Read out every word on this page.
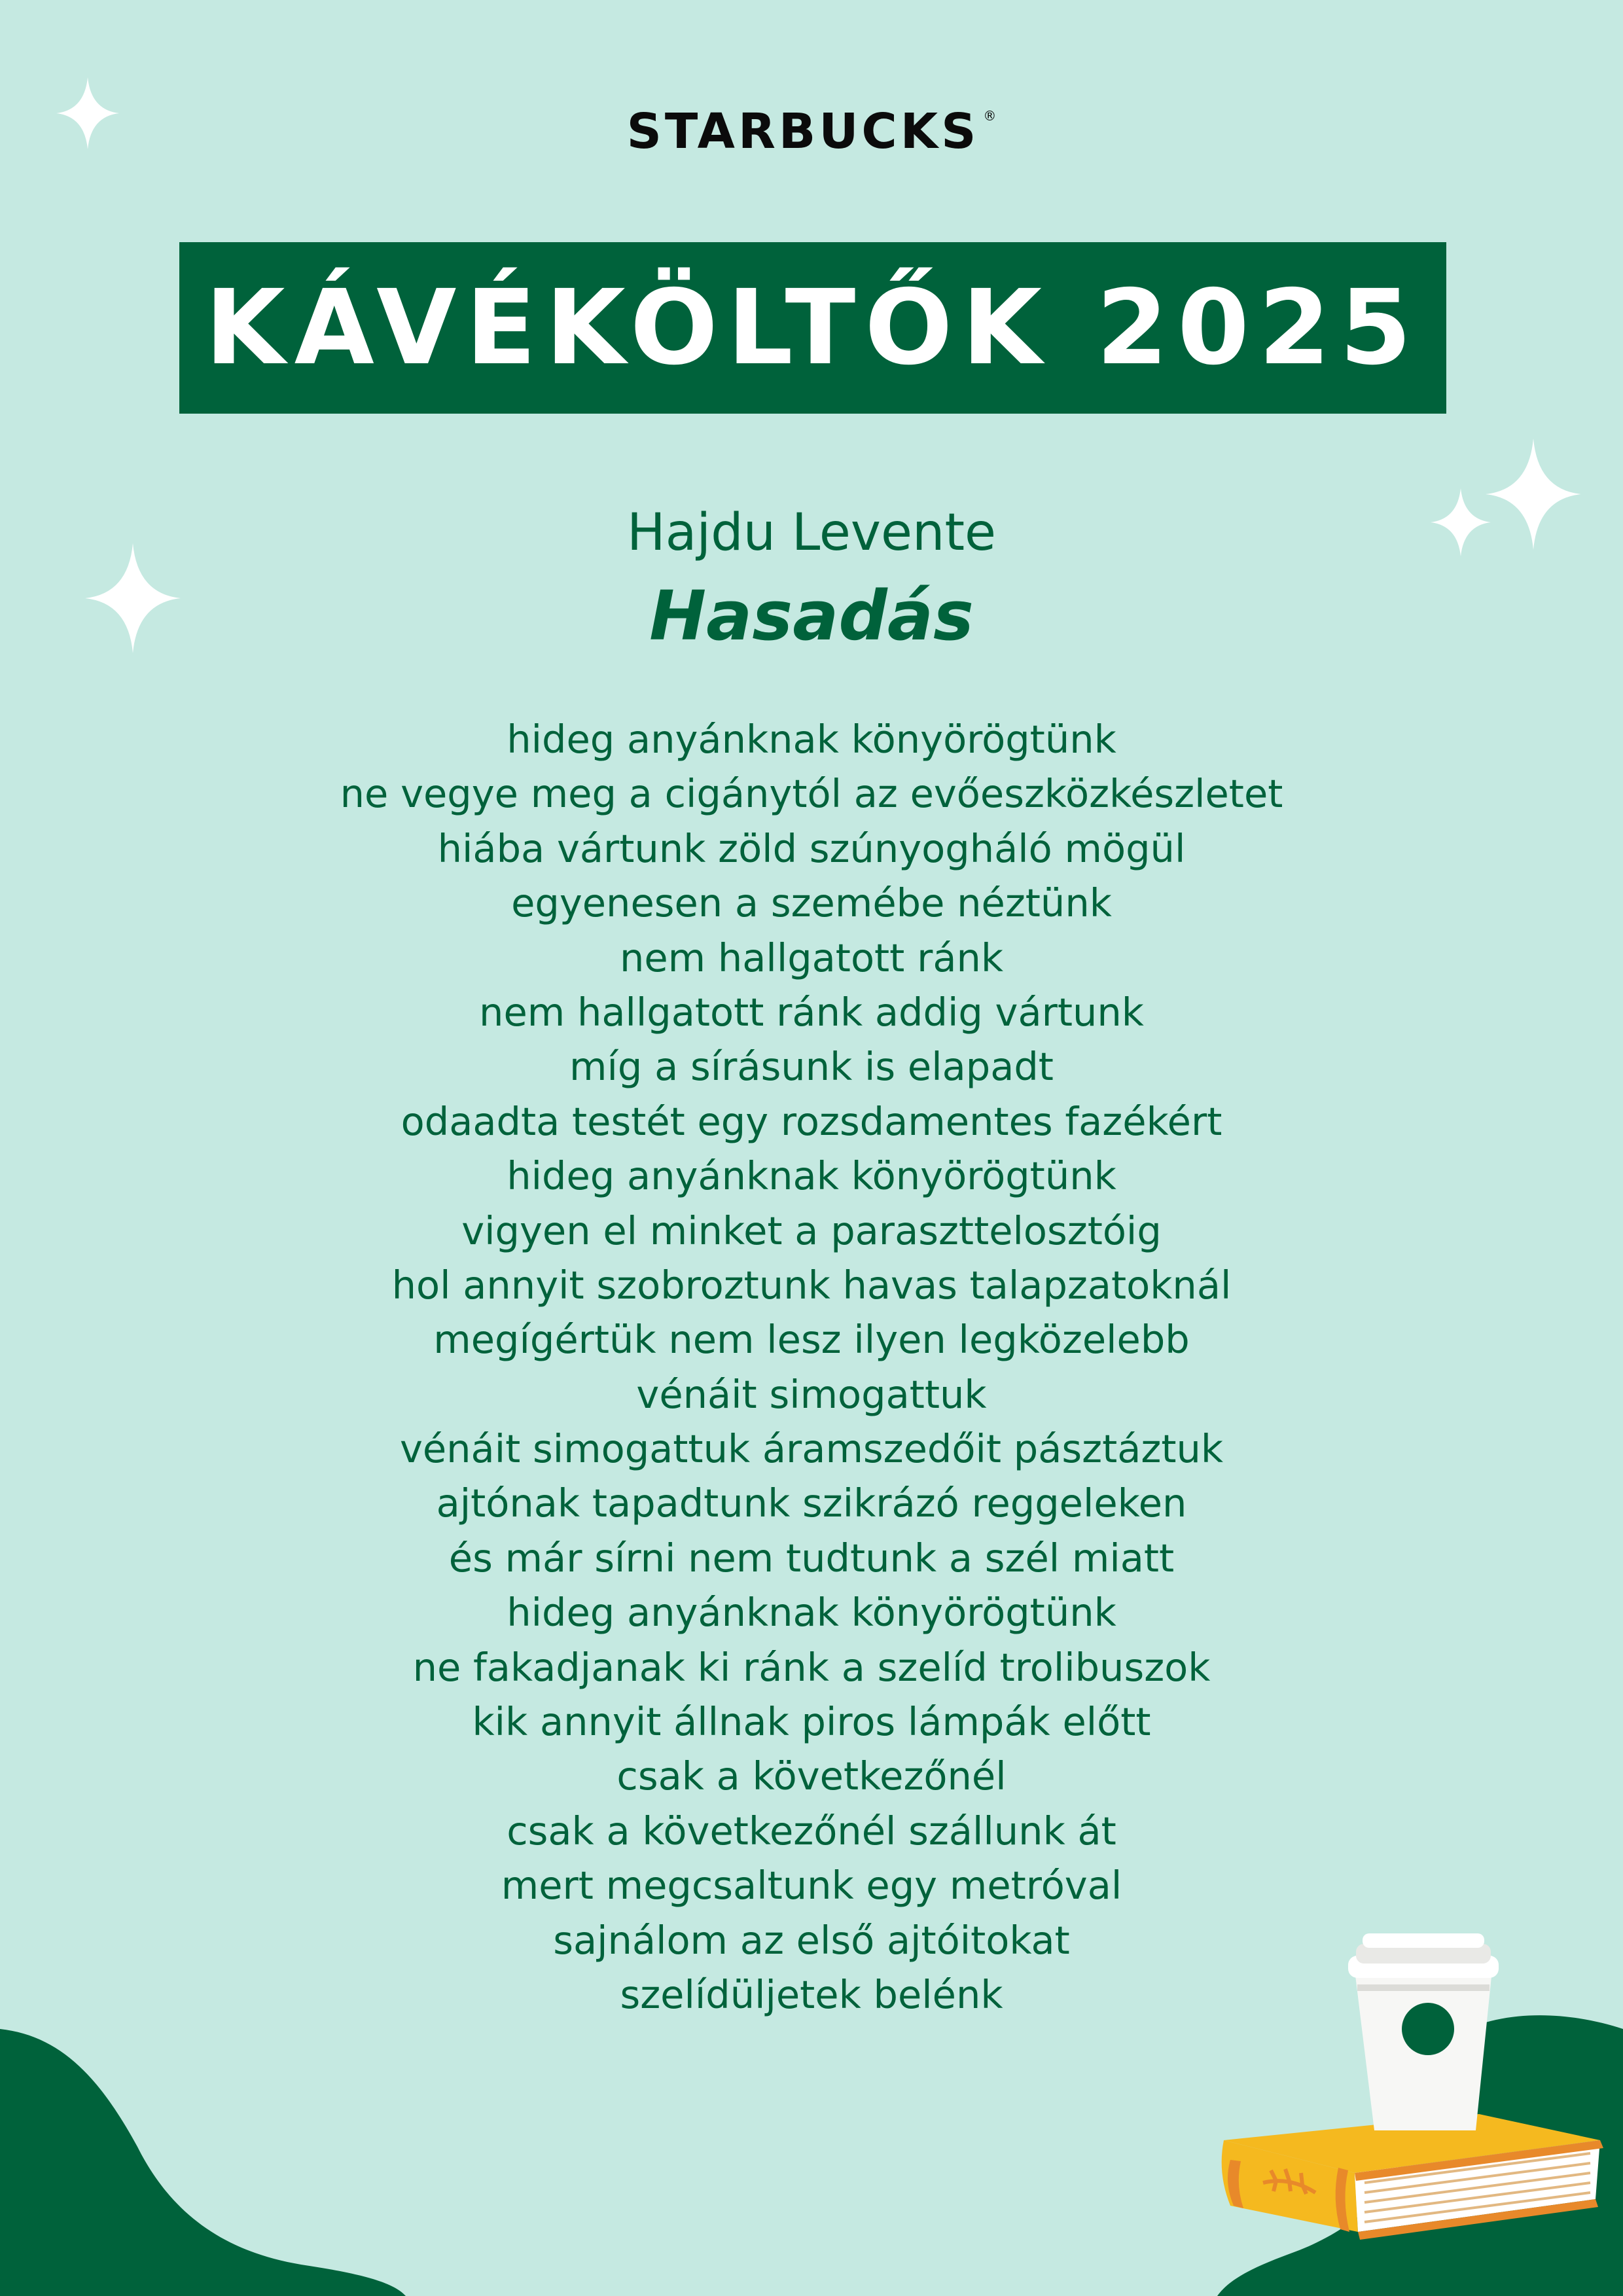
STARBUCKS ®
KÁVÉKÖLTŐK 2025
Hajdu Levente
Hasadás
hideg anyánknak könyörögtünk
ne vegye meg a cigánytól az evőeszközkészletet
hiába vártunk zöld szúnyogháló mögül
egyenesen a szemébe néztünk
nem hallgatott ránk
nem hallgatott ránk addig vártunk
míg a sírásunk is elapadt
odaadta testét egy rozsdamentes fazékért
hideg anyánknak könyörögtünk
vigyen el minket a paraszttelosztóig
hol annyit szobroztunk havas talapzatoknál
megígértük nem lesz ilyen legközelebb
vénáit simogattuk
vénáit simogattuk áramszedőit pásztáztuk
ajtónak tapadtunk szikrázó reggeleken
és már sírni nem tudtunk a szél miatt
hideg anyánknak könyörögtünk
ne fakadjanak ki ránk a szelíd trolibuszok
kik annyit állnak piros lámpák előtt
csak a következőnél
csak a következőnél szállunk át
mert megcsaltunk egy metróval
sajnálom az első ajtóitokat
szelídüljetek belénk
